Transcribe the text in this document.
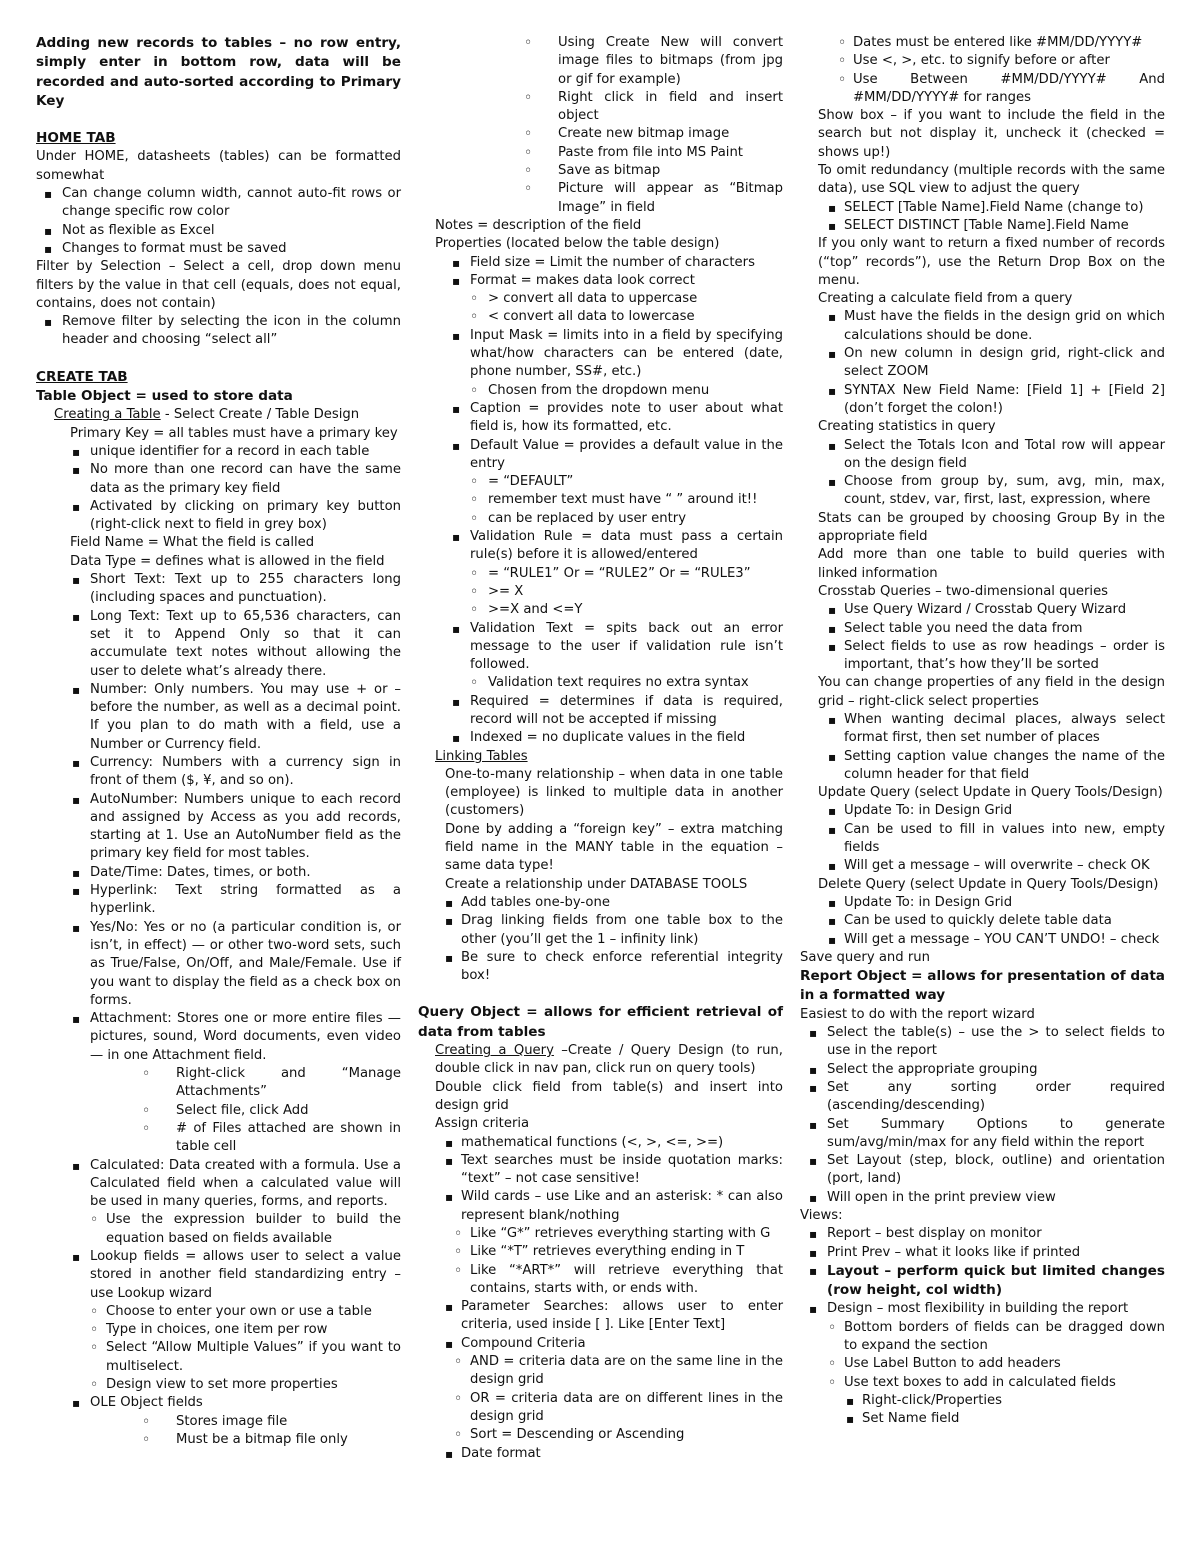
Adding new records to tables – no row entry, simply enter in bottom row, data will be recorded and auto-sorted according to Primary Key

HOME TAB

Under HOME, datasheets (tables) can be formatted somewhat

▪
Can change column width, cannot auto-fit rows or change specific row color

▪
Not as flexible as Excel

▪
Changes to format must be saved

Filter by Selection – Select a cell, drop down menu filters by the value in that cell (equals, does not equal, contains, does not contain)

▪
Remove filter by selecting the icon in the column header and choosing “select all”

CREATE TAB

Table Object = used to store data

Creating a Table - Select Create / Table Design

Primary Key = all tables must have a primary key

▪
unique identifier for a record in each table

▪
No more than one record can have the same data as the primary key field

▪
Activated by clicking on primary key button (right-click next to field in grey box)

Field Name = What the field is called

Data Type = defines what is allowed in the field

▪
Short Text: Text up to 255 characters long (including spaces and punctuation).

▪
Long Text: Text up to 65,536 characters, can set it to Append Only so that it can accumulate text notes without allowing the user to delete what’s already there.

▪
Number: Only numbers. You may use + or – before the number, as well as a decimal point. If you plan to do math with a field, use a Number or Currency field.

▪
Currency: Numbers with a currency sign in front of them ($, ¥, and so on).

▪
AutoNumber: Numbers unique to each record and assigned by Access as you add records, starting at 1. Use an AutoNumber field as the primary key field for most tables.

▪
Date/Time: Dates, times, or both.

▪
Hyperlink: Text string formatted as a hyperlink.

▪
Yes/No: Yes or no (a particular condition is, or isn’t, in effect) — or other two-word sets, such as True/False, On/Off, and Male/Female. Use if you want to display the field as a check box on forms.

▪
Attachment: Stores one or more entire files — pictures, sound, Word documents, even video — in one Attachment field.

◦
Right-click and “Manage Attachments”

◦
Select file, click Add

◦
# of Files attached are shown in table cell

▪
Calculated: Data created with a formula. Use a Calculated field when a calculated value will be used in many queries, forms, and reports.

◦
Use the expression builder to build the equation based on fields available

▪
Lookup fields = allows user to select a value stored in another field standardizing entry – use Lookup wizard

◦
Choose to enter your own or use a table

◦
Type in choices, one item per row

◦
Select “Allow Multiple Values” if you want to multiselect.

◦
Design view to set more properties

▪
OLE Object fields

◦
Stores image file

◦
Must be a bitmap file only

◦
Using Create New will convert image files to bitmaps (from jpg or gif for example)

◦
Right click in field and insert object

◦
Create new bitmap image

◦
Paste from file into MS Paint

◦
Save as bitmap

◦
Picture will appear as “Bitmap Image” in field

Notes = description of the field

Properties (located below the table design)

▪
Field size = Limit the number of characters

▪
Format = makes data look correct

◦
> convert all data to uppercase

◦
< convert all data to lowercase

▪
Input Mask = limits into in a field by specifying what/how characters can be entered (date, phone number, SS#, etc.)

◦
Chosen from the dropdown menu

▪
Caption = provides note to user about what field is, how its formatted, etc.

▪
Default Value = provides a default value in the entry

◦
= “DEFAULT”

◦
remember text must have “ ” around it!!

◦
can be replaced by user entry

▪
Validation Rule = data must pass a certain rule(s) before it is allowed/entered

◦
= “RULE1” Or = “RULE2” Or = “RULE3”

◦
>= X

◦
>=X and <=Y

▪
Validation Text = spits back out an error message to the user if validation rule isn’t followed.

◦
Validation text requires no extra syntax

▪
Required = determines if data is required, record will not be accepted if missing

▪
Indexed = no duplicate values in the field

Linking Tables

One-to-many relationship – when data in one table (employee) is linked to multiple data in another (customers)

Done by adding a “foreign key” – extra matching field name in the MANY table in the equation – same data type!

Create a relationship under DATABASE TOOLS

▪
Add tables one-by-one

▪
Drag linking fields from one table box to the other (you’ll get the 1 – infinity link)

▪
Be sure to check enforce referential integrity box!

Query Object = allows for efficient retrieval of data from tables

Creating a Query –Create / Query Design (to run, double click in nav pan, click run on query tools)

Double click field from table(s) and insert into design grid

Assign criteria

▪
mathematical functions (<, >, <=, >=)

▪
Text searches must be inside quotation marks: “text” – not case sensitive!

▪
Wild cards – use Like and an asterisk: * can also represent blank/nothing

◦
Like “G*” retrieves everything starting with G

◦
Like “*T” retrieves everything ending in T

◦
Like “*ART*” will retrieve everything that contains, starts with, or ends with.

▪
Parameter Searches: allows user to enter criteria, used inside [ ]. Like [Enter Text]

▪
Compound Criteria

◦
AND = criteria data are on the same line in the design grid

◦
OR = criteria data are on different lines in the design grid

◦
Sort = Descending or Ascending

▪
Date format

◦
Dates must be entered like #MM/DD/YYYY#

◦
Use <, >, etc. to signify before or after

◦
Use Between #MM/DD/YYYY# And #MM/DD/YYYY# for ranges

Show box – if you want to include the field in the search but not display it, uncheck it (checked = shows up!)

To omit redundancy (multiple records with the same data), use SQL view to adjust the query

▪
SELECT [Table Name].Field Name (change to)

▪
SELECT DISTINCT [Table Name].Field Name

If you only want to return a fixed number of records (“top” records”), use the Return Drop Box on the menu.

Creating a calculate field from a query

▪
Must have the fields in the design grid on which calculations should be done.

▪
On new column in design grid, right-click and select ZOOM

▪
SYNTAX New Field Name: [Field 1] + [Field 2] (don’t forget the colon!)

Creating statistics in query

▪
Select the Totals Icon and Total row will appear on the design field

▪
Choose from group by, sum, avg, min, max, count, stdev, var, first, last, expression, where

Stats can be grouped by choosing Group By in the appropriate field

Add more than one table to build queries with linked information

Crosstab Queries – two-dimensional queries

▪
Use Query Wizard / Crosstab Query Wizard

▪
Select table you need the data from

▪
Select fields to use as row headings – order is important, that’s how they’ll be sorted

You can change properties of any field in the design grid – right-click select properties

▪
When wanting decimal places, always select format first, then set number of places

▪
Setting caption value changes the name of the column header for that field

Update Query (select Update in Query Tools/Design)

▪
Update To: in Design Grid

▪
Can be used to fill in values into new, empty fields

▪
Will get a message – will overwrite – check OK

Delete Query (select Update in Query Tools/Design)

▪
Update To: in Design Grid

▪
Can be used to quickly delete table data

▪
Will get a message – YOU CAN’T UNDO! – check

Save query and run

Report Object = allows for presentation of data in a formatted way

Easiest to do with the report wizard

▪
Select the table(s) – use the > to select fields to use in the report

▪
Select the appropriate grouping

▪
Set any sorting order required (ascending/descending)

▪
Set Summary Options to generate sum/avg/min/max for any field within the report

▪
Set Layout (step, block, outline) and orientation (port, land)

▪
Will open in the print preview view

Views:

▪
Report – best display on monitor

▪
Print Prev – what it looks like if printed

▪
Layout – perform quick but limited changes (row height, col width)

▪
Design – most flexibility in building the report

◦
Bottom borders of fields can be dragged down to expand the section

◦
Use Label Button to add headers

◦
Use text boxes to add in calculated fields

▪
Right-click/Properties

▪
Set Name field
